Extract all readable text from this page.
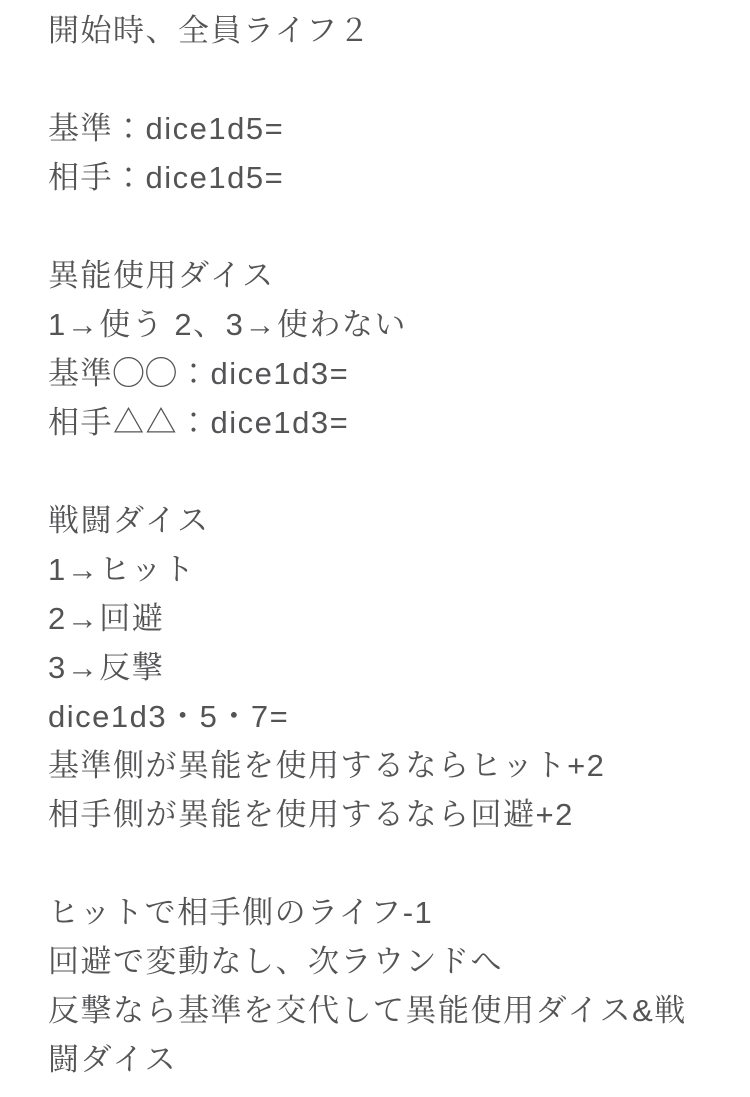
開始時、全員ライフ２
基準：dice1d5=
相手：dice1d5=
異能使用ダイス
1→使う 2、3→使わない
基準◯◯：dice1d3=
相手△△：dice1d3=
戦闘ダイス
1→ヒット
2→回避
3→反撃
dice1d3・5・7=
基準側が異能を使用するならヒット+2
相手側が異能を使用するなら回避+2
ヒットで相手側のライフ-1
回避で変動なし、次ラウンドへ
反撃なら基準を交代して異能使用ダイス&戦闘ダイス
